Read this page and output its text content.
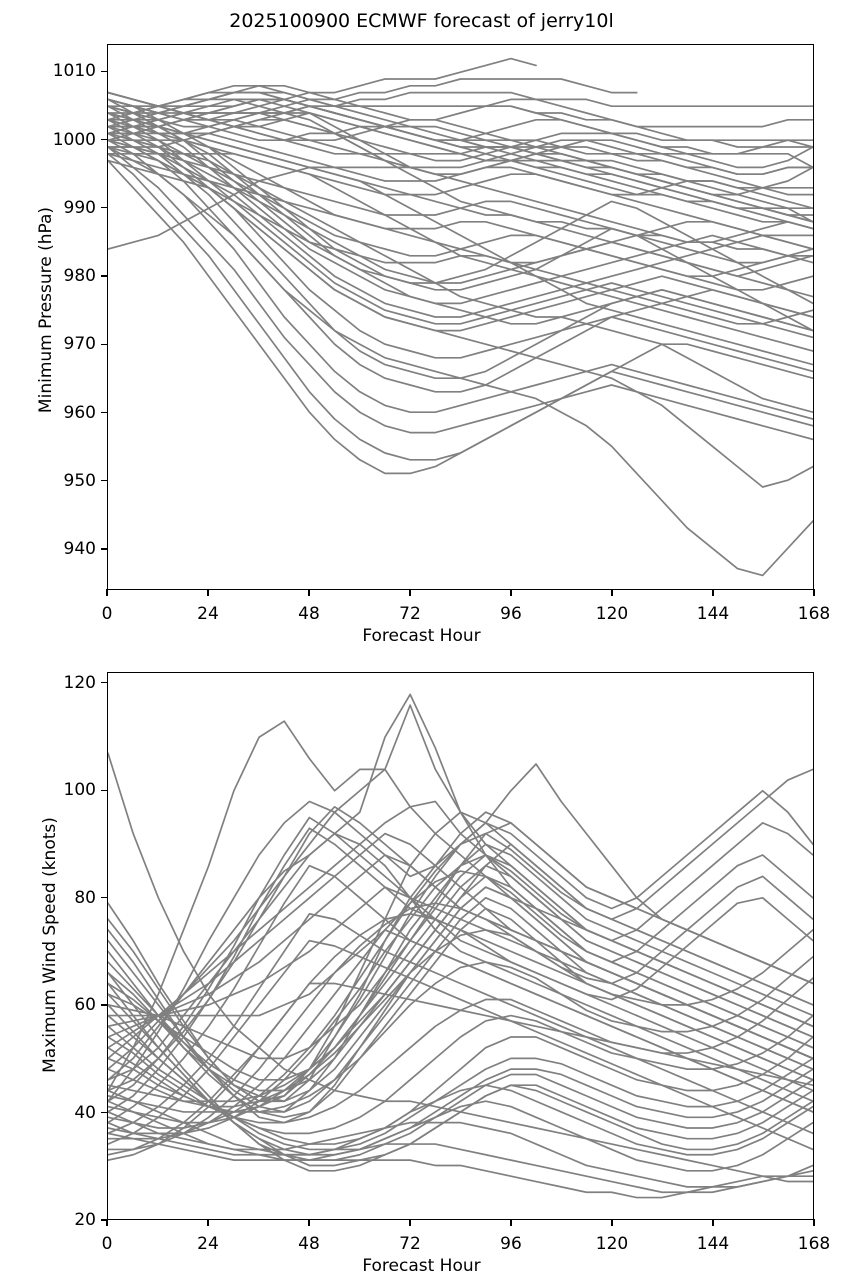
2025100900 ECMWF forecast of jerry10l
940
950
960
970
980
990
1000
1010
0	24	48	72	96	120	144	168
Forecast Hour
Minimum Pressure (hPa)
20
40
60
80
100
120
0	24	48	72	96	120	144	168
Forecast Hour
Maximum Wind Speed (knots)
